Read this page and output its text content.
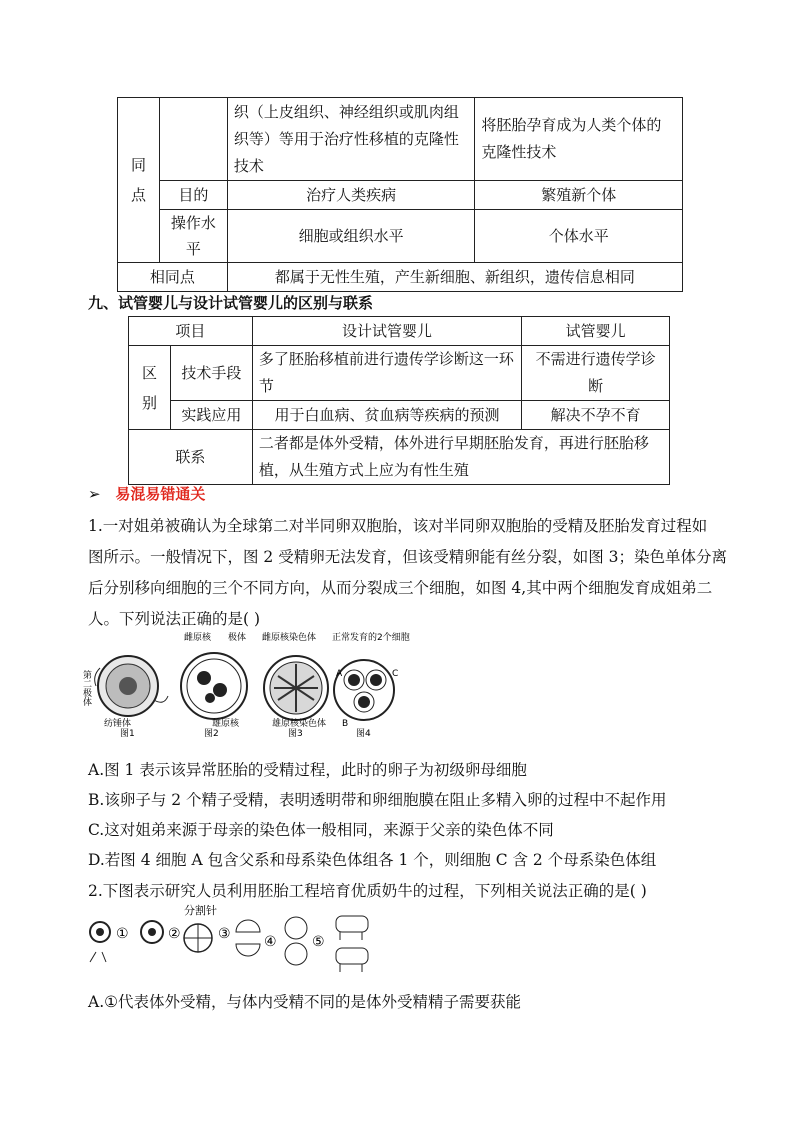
同
点		织（上皮组织、神经组织或肌肉组织等）等用于治疗性移植的克隆性技术	将胚胎孕育成为人类个体的克隆性技术
	目的	治疗人类疾病	繁殖新个体

	操作水
平	细胞或组织水平	个体水平
相同点		都属于无性生殖，产生新细胞、新组织，遗传信息相同	
九、试管婴儿与设计试管婴儿的区别与联系
项目		设计试管婴儿	试管婴儿

区
别	技术手段	多了胚胎移植前进行遗传学诊断这一环节	不需进行遗传学诊断
	实践应用	用于白血病、贫血病等疾病的预测	解决不孕不育
联系		二者都是体外受精，体外进行早期胚胎发育，再进行胚胎移植，从生殖方式上应为有性生殖	
➢ 易混易错通关
1.一对姐弟被确认为全球第二对半同卵双胞胎，该对半同卵双胞胎的受精及胚胎发育过程如
图所示。一般情况下，图 2 受精卵无法发育，但该受精卵能有丝分裂，如图 3；染色单体分离
后分别移向细胞的三个不同方向，从而分裂成三个细胞，如图 4,其中两个细胞发育成姐弟二
人。下列说法正确的是( )
第二极体
纺锤体
图1
雌原核 极体
雄原核
图2
雌原核染色体
雄原核染色体
图3
正常发育的2个细胞
A
B
C
图4
A.图 1 表示该异常胚胎的受精过程，此时的卵子为初级卵母细胞
B.该卵子与 2 个精子受精，表明透明带和卵细胞膜在阻止多精入卵的过程中不起作用
C.这对姐弟来源于母亲的染色体一般相同，来源于父亲的染色体不同
D.若图 4 细胞 A 包含父系和母系染色体组各 1 个，则细胞 C 含 2 个母系染色体组
2.下图表示研究人员利用胚胎工程培育优质奶牛的过程，下列相关说法正确的是( )
①	②
分割针
③ ④	⑤
A.①代表体外受精，与体内受精不同的是体外受精精子需要获能
